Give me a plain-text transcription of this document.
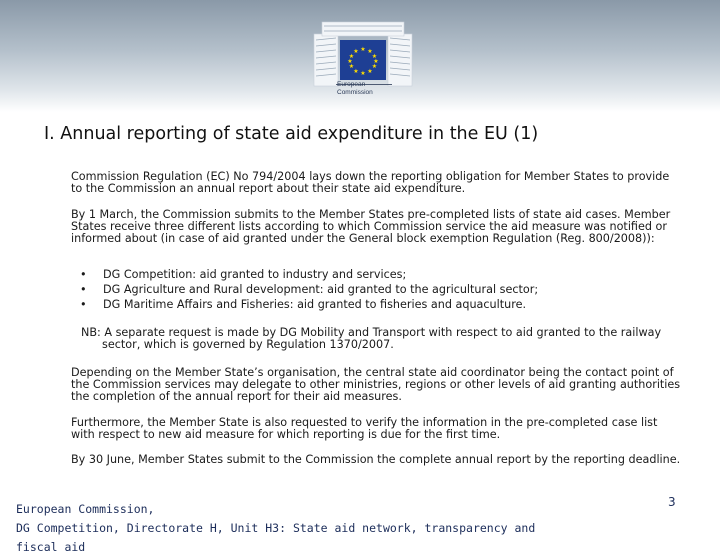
★ ★
★
★
★
★
★
★
★
★
★
★
European
Commission
I. Annual reporting of state aid expenditure in the EU (1)

Commission Regulation (EC) No 794/2004 lays down the reporting obligation for Member States to provide to the Commission an annual report about their state aid expenditure.

By 1 March, the Commission submits to the Member States pre-completed lists of state aid cases. Member States receive three different lists according to which Commission service the aid measure was notified or informed about (in case of aid granted under the General block exemption Regulation (Reg. 800/2008)):

• DG Competition: aid granted to industry and services;
• DG Agriculture and Rural development: aid granted to the agricultural sector;
• DG Maritime Affairs and Fisheries: aid granted to fisheries and aquaculture.

NB: A separate request is made by DG Mobility and Transport with respect to aid granted to the railway sector, which is governed by Regulation 1370/2007.

Depending on the Member State’s organisation, the central state aid coordinator being the contact point of the Commission services may delegate to other ministries, regions or other levels of aid granting authorities the completion of the annual report for their aid measures.

Furthermore, the Member State is also requested to verify the information in the pre-completed case list with respect to new aid measure for which reporting is due for the first time.

By 30 June, Member States submit to the Commission the complete annual report by the reporting deadline.

European Commission,
DG Competition, Directorate H, Unit H3: State aid network, transparency and fiscal aid
3
